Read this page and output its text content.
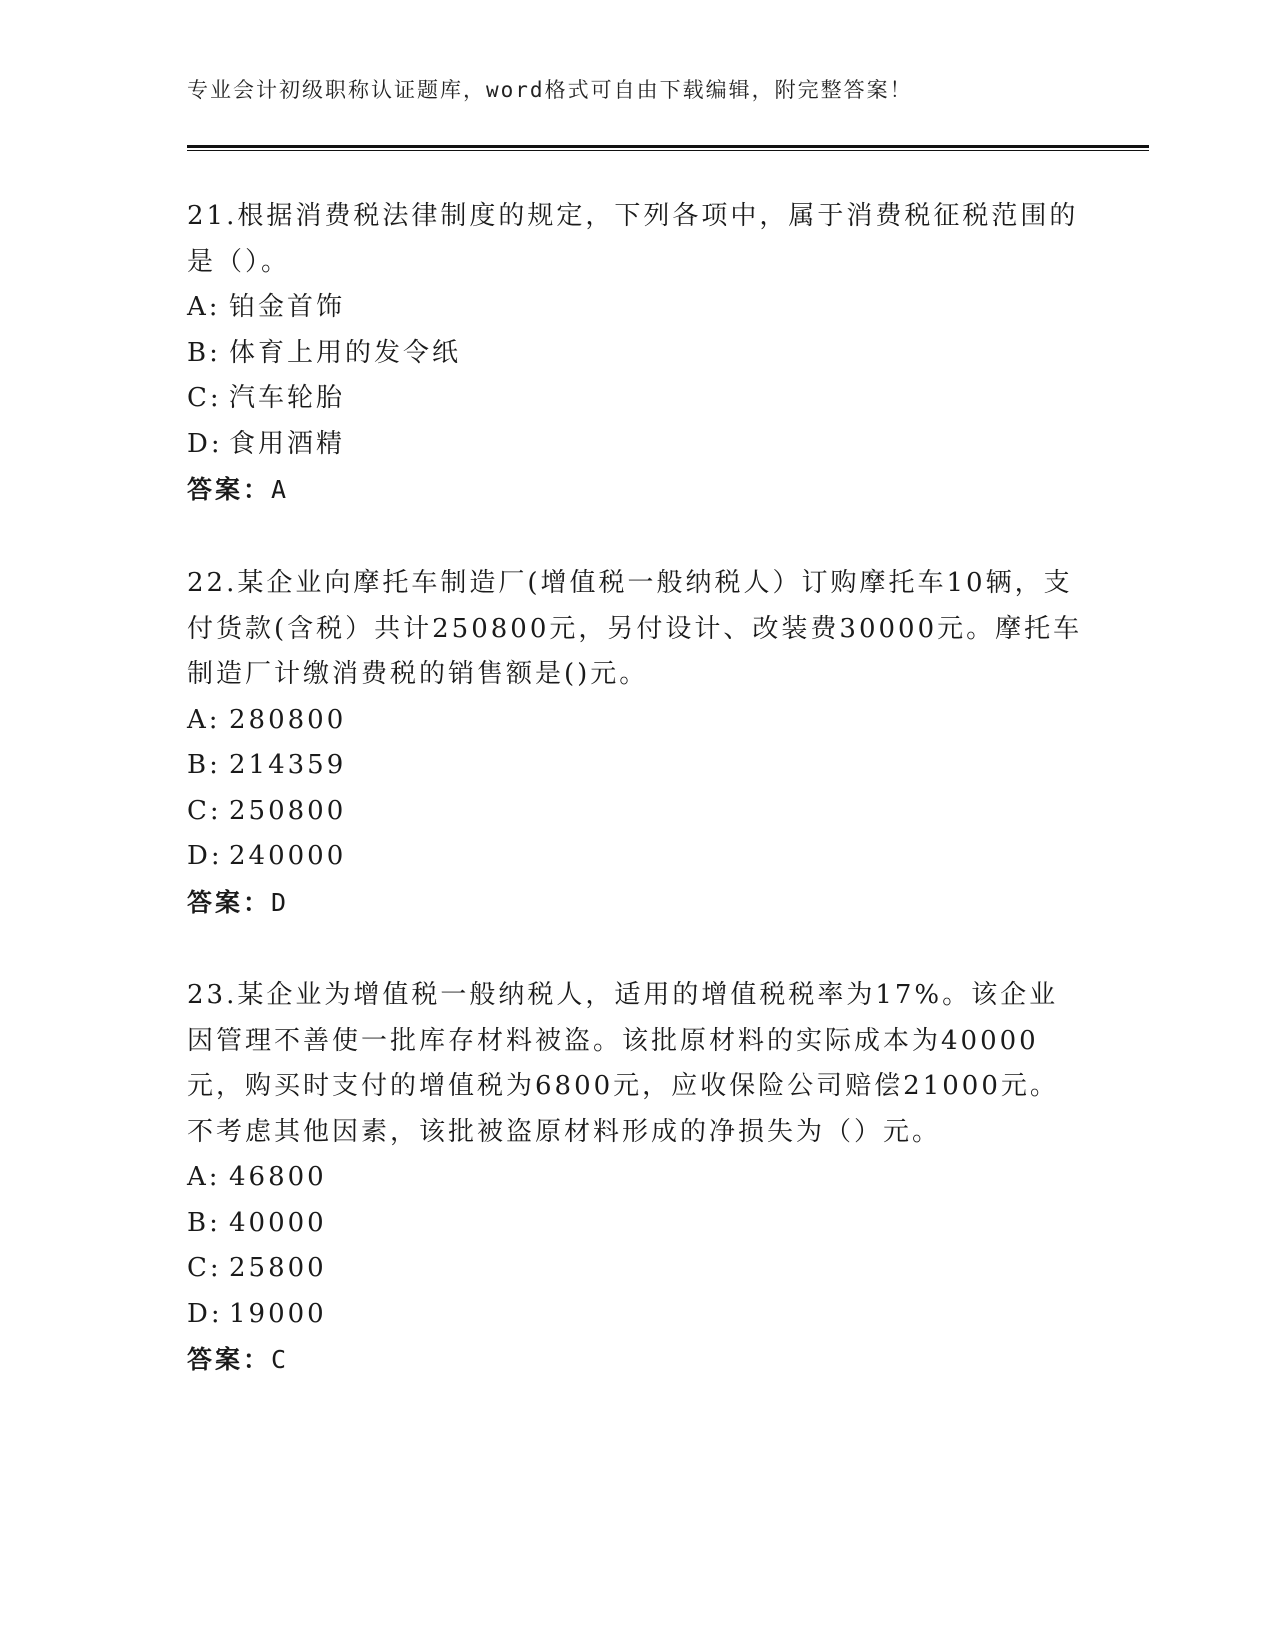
专业会计初级职称认证题库，word格式可自由下载编辑，附完整答案！

21.根据消费税法律制度的规定，下列各项中，属于消费税征税范围的是（）。

A: 铂金首饰

B: 体育上用的发令纸

C: 汽车轮胎

D: 食用酒精

答案：A

22.某企业向摩托车制造厂(增值税一般纳税人）订购摩托车10辆，支付货款(含税）共计250800元，另付设计、改装费30000元。摩托车制造厂计缴消费税的销售额是()元。

A: 280800

B: 214359

C: 250800

D: 240000

答案：D

23.某企业为增值税一般纳税人，适用的增值税税率为17%。该企业因管理不善使一批库存材料被盗。该批原材料的实际成本为40000元，购买时支付的增值税为6800元，应收保险公司赔偿21000元。不考虑其他因素，该批被盗原材料形成的净损失为（）元。

A: 46800

B: 40000

C: 25800

D: 19000

答案：C
